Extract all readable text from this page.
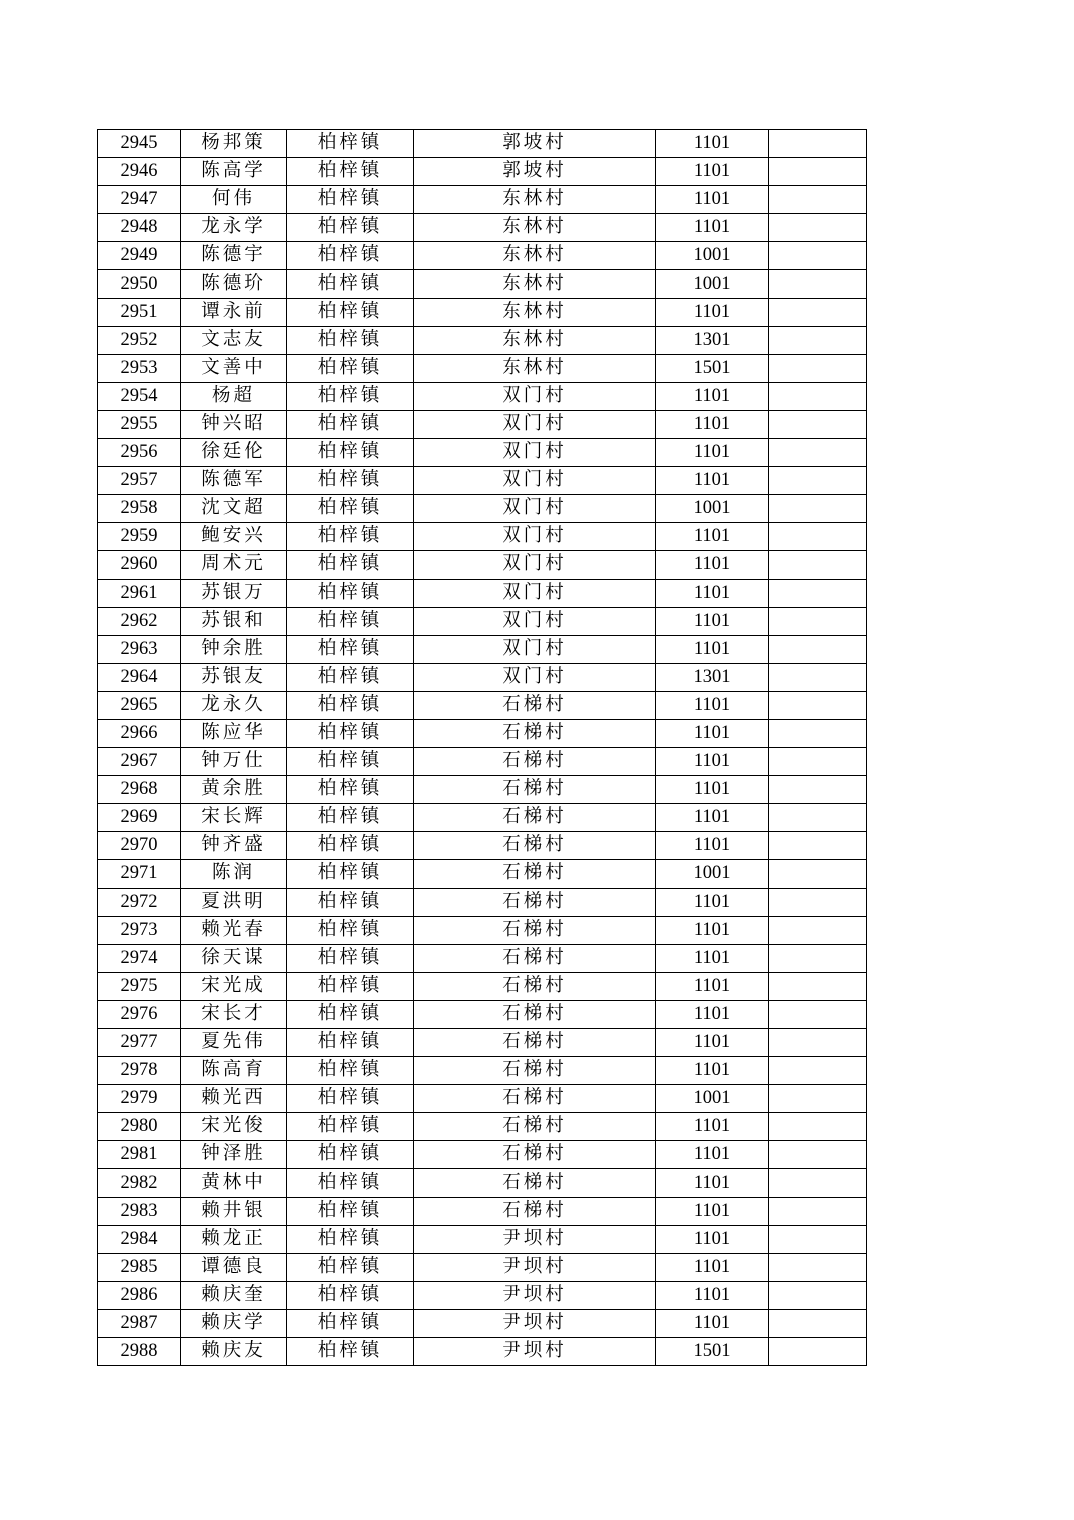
2945	杨邦策	柏梓镇	郭坡村	1101	
2946	陈高学	柏梓镇	郭坡村	1101	
2947	何伟	柏梓镇	东林村	1101	
2948	龙永学	柏梓镇	东林村	1101	
2949	陈德宇	柏梓镇	东林村	1001	
2950	陈德玠	柏梓镇	东林村	1001	
2951	谭永前	柏梓镇	东林村	1101	
2952	文志友	柏梓镇	东林村	1301	
2953	文善中	柏梓镇	东林村	1501	
2954	杨超	柏梓镇	双门村	1101	
2955	钟兴昭	柏梓镇	双门村	1101	
2956	徐廷伦	柏梓镇	双门村	1101	
2957	陈德军	柏梓镇	双门村	1101	
2958	沈文超	柏梓镇	双门村	1001	
2959	鲍安兴	柏梓镇	双门村	1101	
2960	周术元	柏梓镇	双门村	1101	
2961	苏银万	柏梓镇	双门村	1101	
2962	苏银和	柏梓镇	双门村	1101	
2963	钟余胜	柏梓镇	双门村	1101	
2964	苏银友	柏梓镇	双门村	1301	
2965	龙永久	柏梓镇	石梯村	1101	
2966	陈应华	柏梓镇	石梯村	1101	
2967	钟万仕	柏梓镇	石梯村	1101	
2968	黄余胜	柏梓镇	石梯村	1101	
2969	宋长辉	柏梓镇	石梯村	1101	
2970	钟齐盛	柏梓镇	石梯村	1101	
2971	陈润	柏梓镇	石梯村	1001	
2972	夏洪明	柏梓镇	石梯村	1101	
2973	赖光春	柏梓镇	石梯村	1101	
2974	徐天谋	柏梓镇	石梯村	1101	
2975	宋光成	柏梓镇	石梯村	1101	
2976	宋长才	柏梓镇	石梯村	1101	
2977	夏先伟	柏梓镇	石梯村	1101	
2978	陈高育	柏梓镇	石梯村	1101	
2979	赖光西	柏梓镇	石梯村	1001	
2980	宋光俊	柏梓镇	石梯村	1101	
2981	钟泽胜	柏梓镇	石梯村	1101	
2982	黄林中	柏梓镇	石梯村	1101	
2983	赖井银	柏梓镇	石梯村	1101	
2984	赖龙正	柏梓镇	尹坝村	1101	
2985	谭德良	柏梓镇	尹坝村	1101	
2986	赖庆奎	柏梓镇	尹坝村	1101	
2987	赖庆学	柏梓镇	尹坝村	1101	
2988	赖庆友	柏梓镇	尹坝村	1501	
